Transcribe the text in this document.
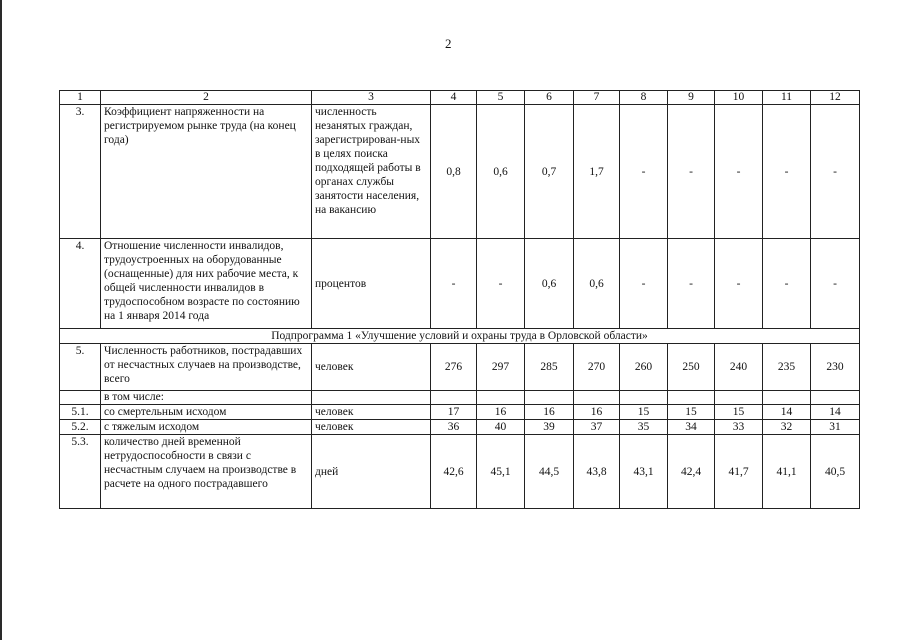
2
1	2	3	4	5	6	7	8	9	10	11	12
3.	Коэффициент напряженности на регистрируемом рынке труда (на конец года)	численность незанятых граждан, зарегистрирован-ных в целях поиска подходящей работы в органах службы занятости населения, на вакансию	0,8	0,6	0,7	1,7	-	-	-	-	-
4.	Отношение численности инвалидов, трудоустроенных на оборудованные (оснащенные) для них рабочие места, к общей численности инвалидов в трудоспособном возрасте по состоянию на 1 января 2014 года	процентов	-	-	0,6	0,6	-	-	-	-	-
Подпрограмма 1 «Улучшение условий и охраны труда в Орловской области»											
5.	Численность работников, пострадавших от несчастных случаев на производстве, всего	человек	276	297	285	270	260	250	240	235	230
	в том числе:										
5.1.	со смертельным исходом	человек	17	16	16	16	15	15	15	14	14
5.2.	с тяжелым исходом	человек	36	40	39	37	35	34	33	32	31
5.3.	количество дней временной нетрудоспособности в связи с несчастным случаем на производстве в расчете на одного пострадавшего	дней	42,6	45,1	44,5	43,8	43,1	42,4	41,7	41,1	40,5
